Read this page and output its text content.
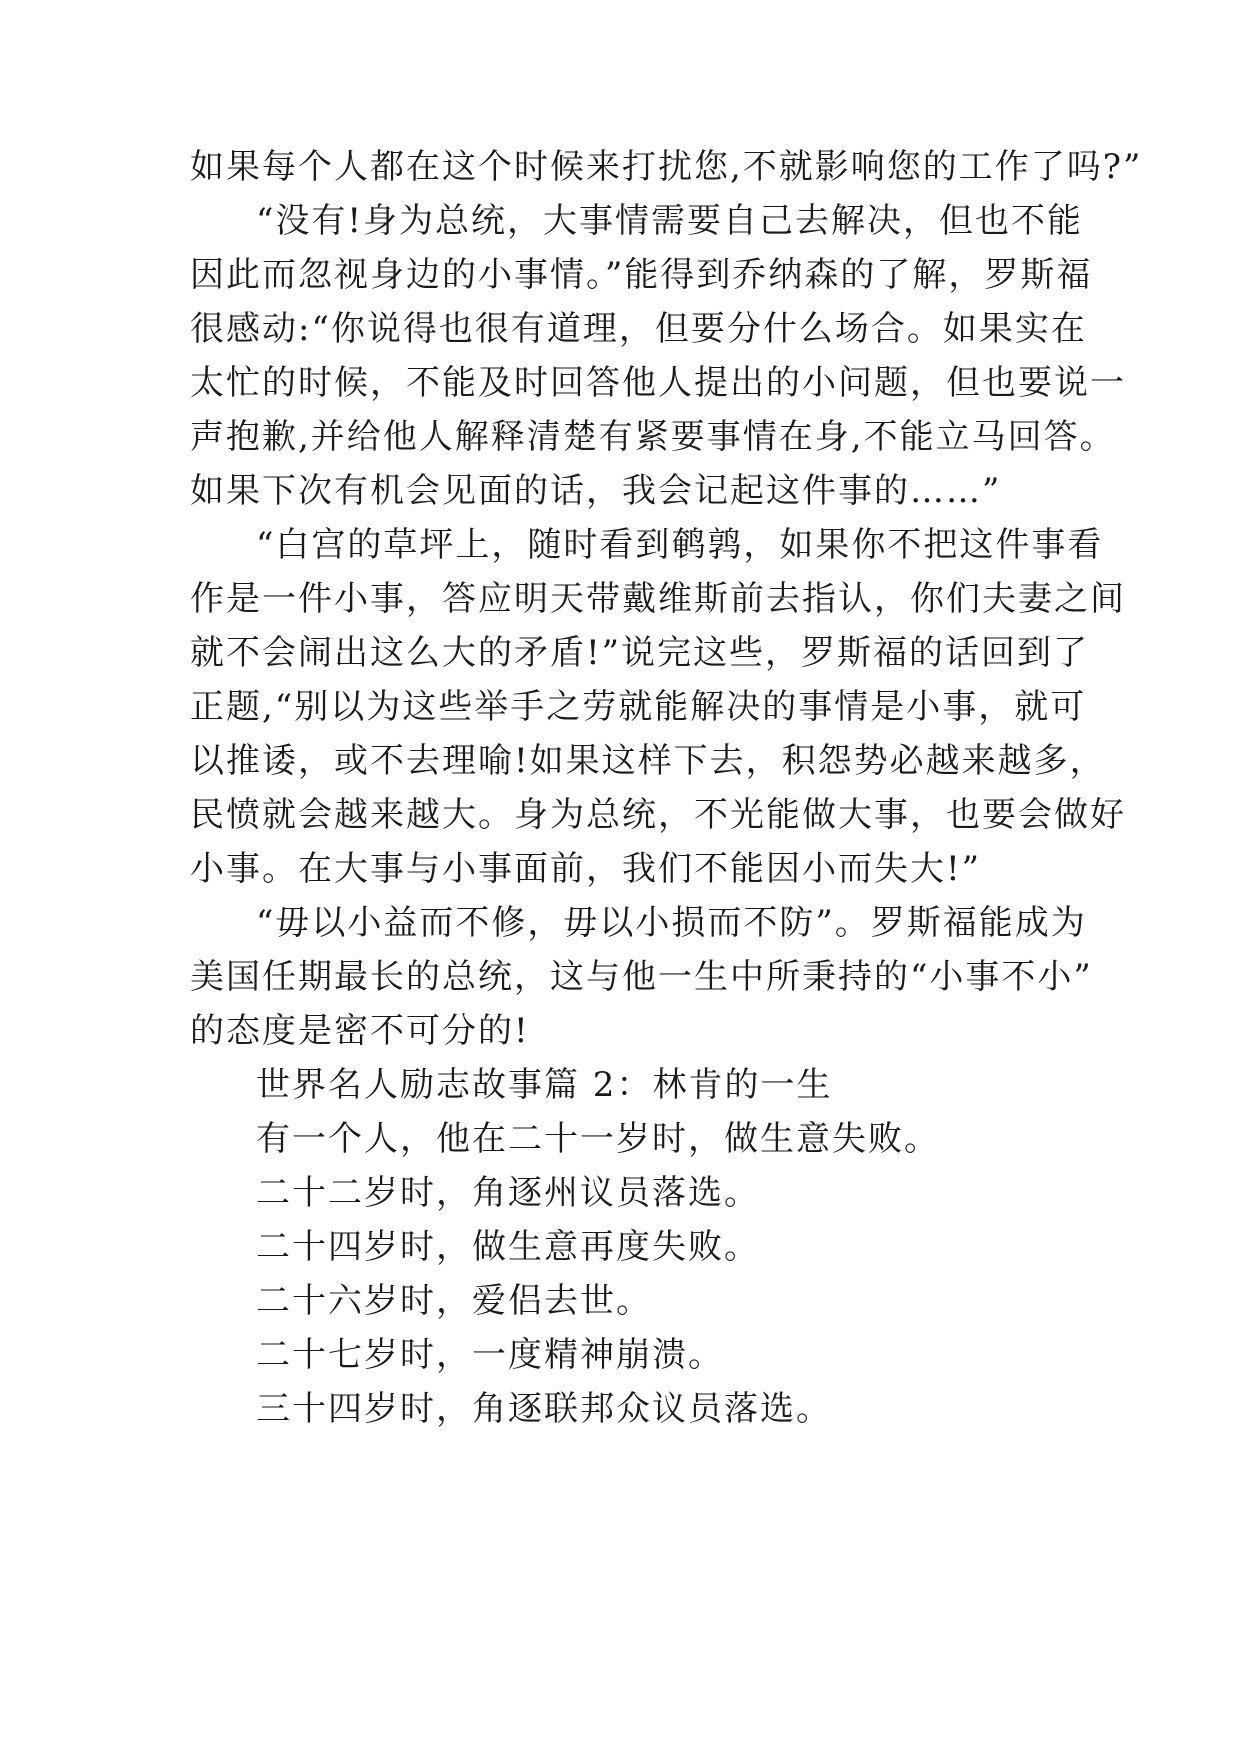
如果每个人都在这个时候来打扰您,不就影响您的工作了吗?”
“没有!身为总统，大事情需要自己去解决，但也不能
因此而忽视身边的小事情。”能得到乔纳森的了解，罗斯福
很感动:“你说得也很有道理，但要分什么场合。如果实在
太忙的时候，不能及时回答他人提出的小问题，但也要说一
声抱歉,并给他人解释清楚有紧要事情在身,不能立马回答。
如果下次有机会见面的话，我会记起这件事的……”
“白宫的草坪上，随时看到鹌鹑，如果你不把这件事看
作是一件小事，答应明天带戴维斯前去指认，你们夫妻之间
就不会闹出这么大的矛盾!”说完这些，罗斯福的话回到了
正题,“别以为这些举手之劳就能解决的事情是小事，就可
以推诿，或不去理喻!如果这样下去，积怨势必越来越多，
民愤就会越来越大。身为总统，不光能做大事，也要会做好
小事。在大事与小事面前，我们不能因小而失大!”
“毋以小益而不修，毋以小损而不防”。罗斯福能成为
美国任期最长的总统，这与他一生中所秉持的“小事不小”
的态度是密不可分的!
世界名人励志故事篇 2：林肯的一生
有一个人，他在二十一岁时，做生意失败。
二十二岁时，角逐州议员落选。
二十四岁时，做生意再度失败。
二十六岁时，爱侣去世。
二十七岁时，一度精神崩溃。
三十四岁时，角逐联邦众议员落选。
